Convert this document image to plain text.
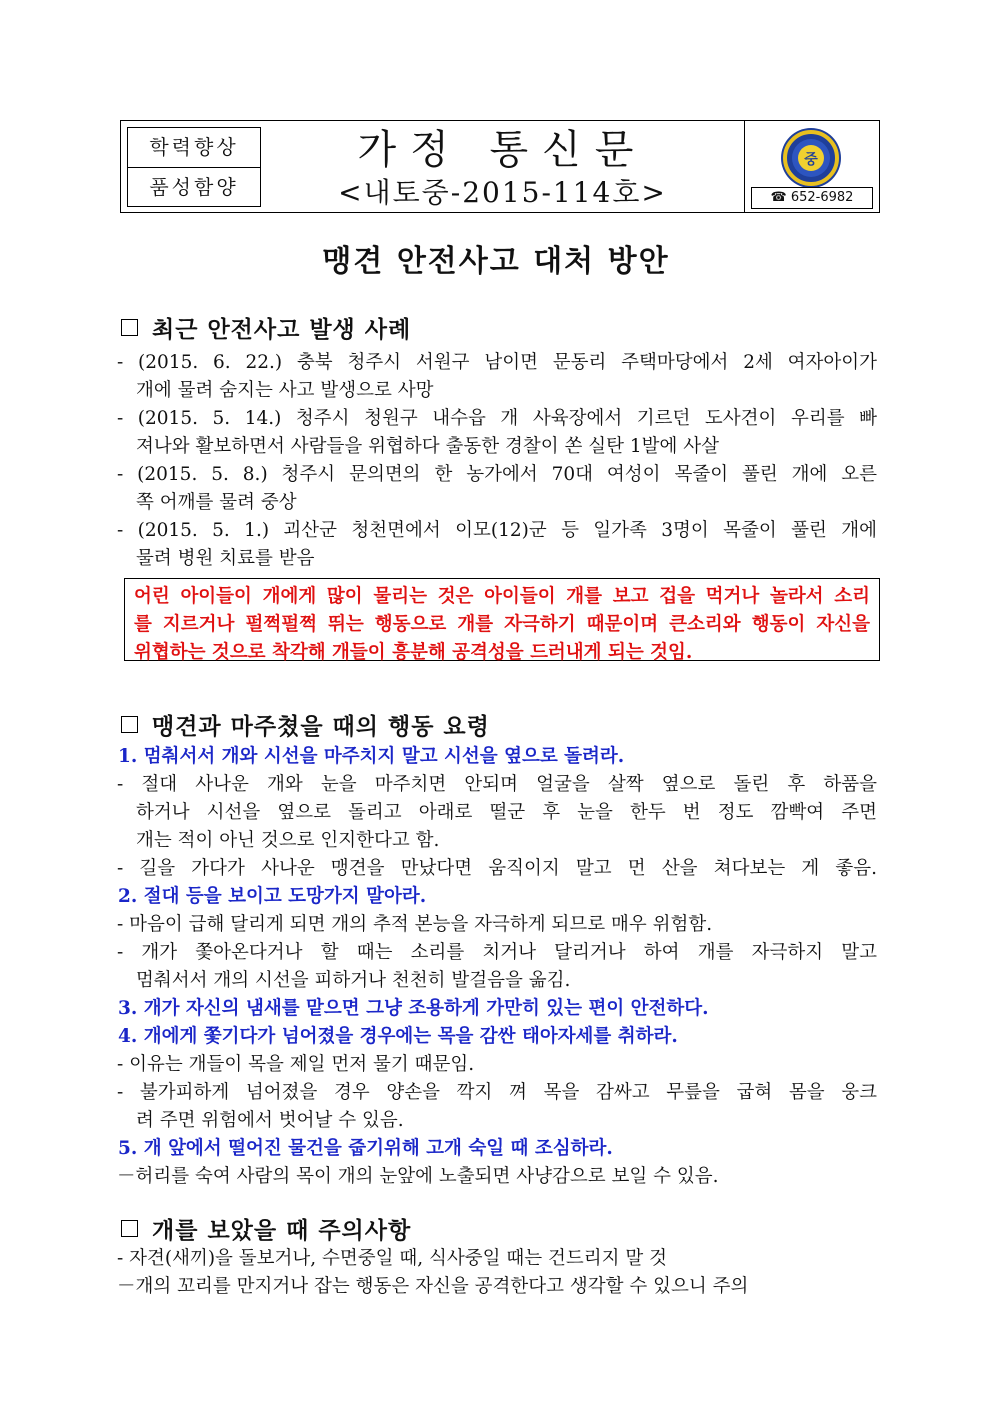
학력향상
품성함양
가정 통신문
<내토중-2015-114호>
중
☎ 652-6982
맹견 안전사고 대처 방안
최근 안전사고 발생 사례
- (2015. 6. 22.) 충북 청주시 서원구 남이면 문동리 주택마당에서 2세 여자아이가
개에 물려 숨지는 사고 발생으로 사망
- (2015. 5. 14.) 청주시 청원구 내수읍 개 사육장에서 기르던 도사견이 우리를 빠
져나와 활보하면서 사람들을 위협하다 출동한 경찰이 쏜 실탄 1발에 사살
- (2015. 5. 8.) 청주시 문의면의 한 농가에서 70대 여성이 목줄이 풀린 개에 오른
쪽 어깨를 물려 중상
- (2015. 5. 1.) 괴산군 청천면에서 이모(12)군 등 일가족 3명이 목줄이 풀린 개에
물려 병원 치료를 받음
어린 아이들이 개에게 많이 물리는 것은 아이들이 개를 보고 겁을 먹거나 놀라서 소리
를 지르거나 펄쩍펄쩍 뛰는 행동으로 개를 자극하기 때문이며 큰소리와 행동이 자신을
위협하는 것으로 착각해 개들이 흥분해 공격성을 드러내게 되는 것임.
맹견과 마주쳤을 때의 행동 요령
1. 멈춰서서 개와 시선을 마주치지 말고 시선을 옆으로 돌려라.
- 절대 사나운 개와 눈을 마주치면 안되며 얼굴을 살짝 옆으로 돌린 후 하품을
하거나 시선을 옆으로 돌리고 아래로 떨군 후 눈을 한두 번 정도 깜빡여 주면
개는 적이 아닌 것으로 인지한다고 함.
- 길을 가다가 사나운 맹견을 만났다면 움직이지 말고 먼 산을 쳐다보는 게 좋음.
2. 절대 등을 보이고 도망가지 말아라.
- 마음이 급해 달리게 되면 개의 추적 본능을 자극하게 되므로 매우 위험함.
- 개가 쫓아온다거나 할 때는 소리를 치거나 달리거나 하여 개를 자극하지 말고
멈춰서서 개의 시선을 피하거나 천천히 발걸음을 옮김.
3. 개가 자신의 냄새를 맡으면 그냥 조용하게 가만히 있는 편이 안전하다.
4. 개에게 쫓기다가 넘어졌을 경우에는 목을 감싼 태아자세를 취하라.
- 이유는 개들이 목을 제일 먼저 물기 때문임.
- 불가피하게 넘어졌을 경우 양손을 깍지 껴 목을 감싸고 무릎을 굽혀 몸을 웅크
려 주면 위험에서 벗어날 수 있음.
5. 개 앞에서 떨어진 물건을 줍기위해 고개 숙일 때 조심하라.
－허리를 숙여 사람의 목이 개의 눈앞에 노출되면 사냥감으로 보일 수 있음.
개를 보았을 때 주의사항
- 자견(새끼)을 돌보거나, 수면중일 때, 식사중일 때는 건드리지 말 것
－개의 꼬리를 만지거나 잡는 행동은 자신을 공격한다고 생각할 수 있으니 주의
